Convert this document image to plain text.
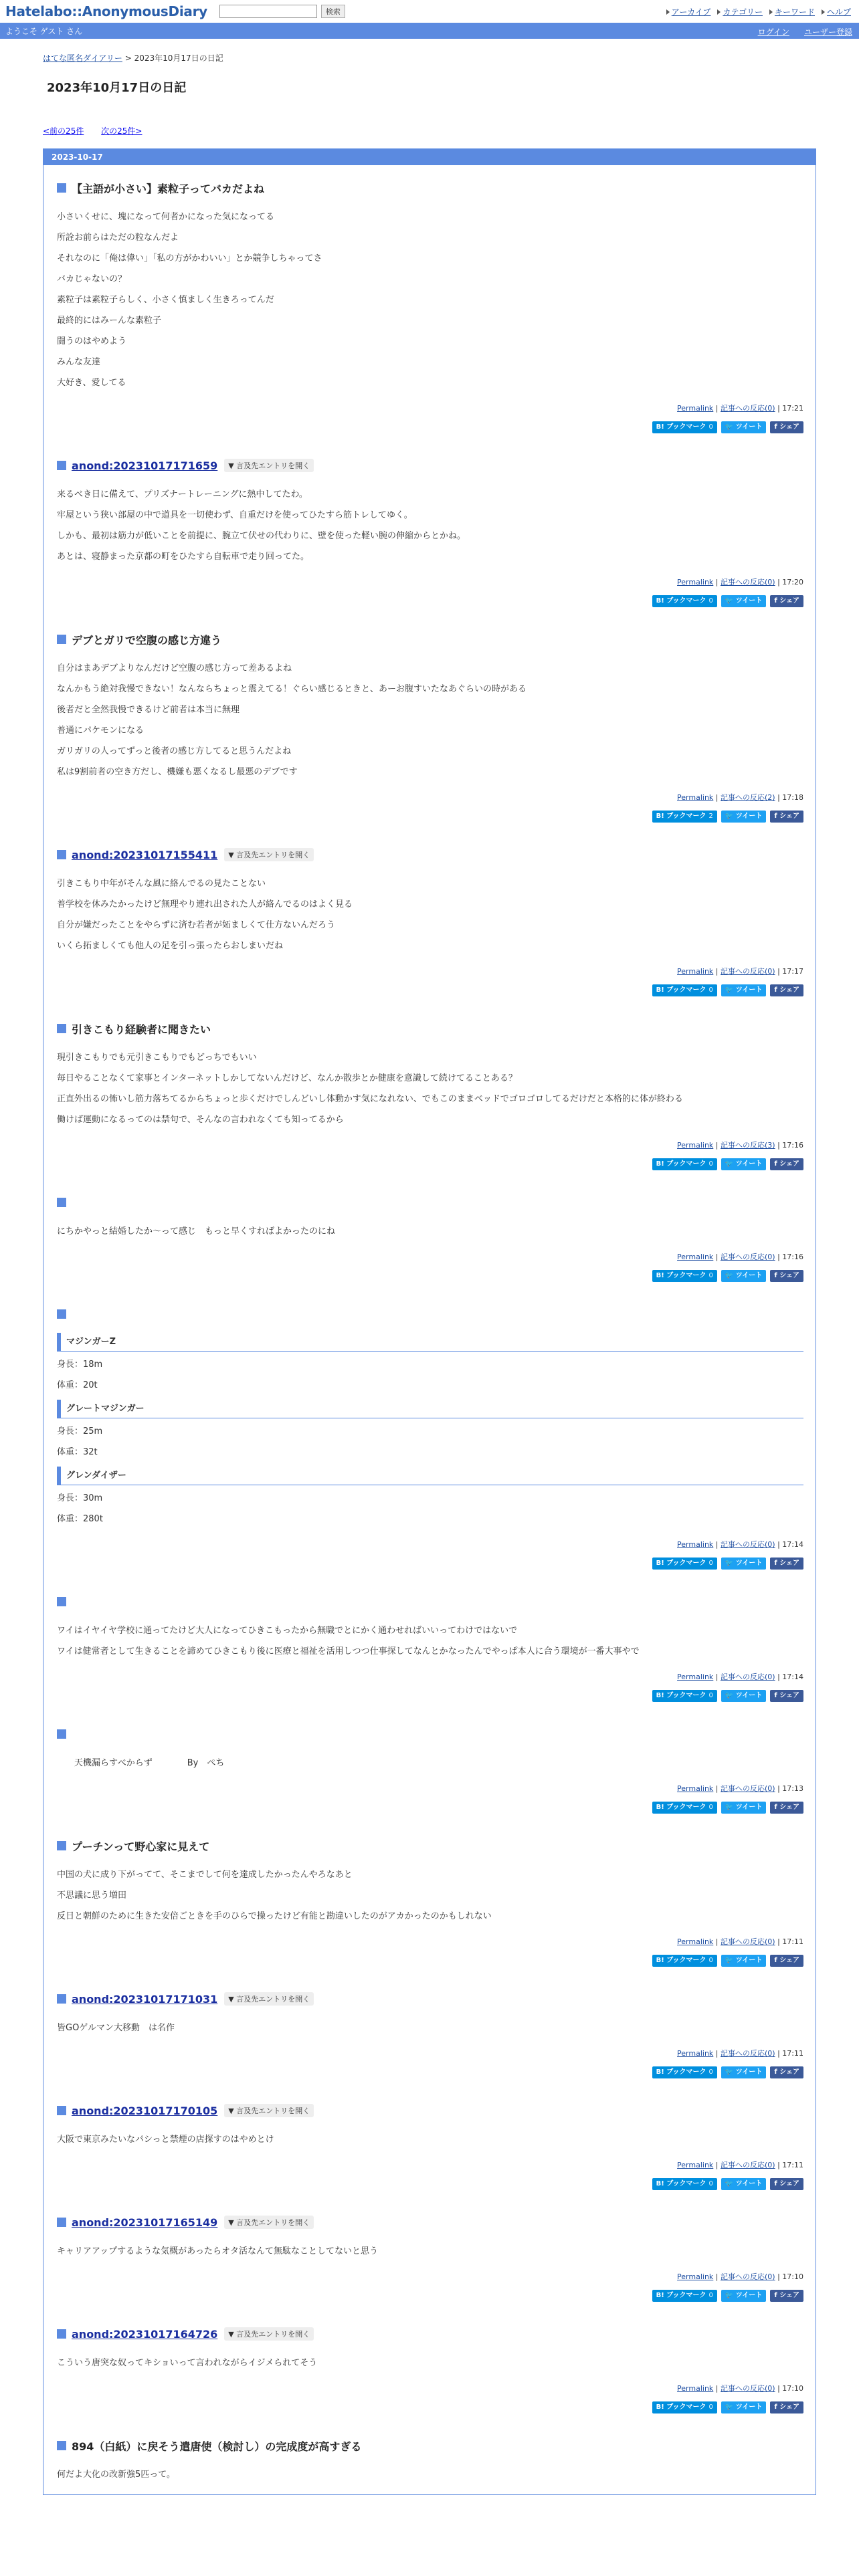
Hatelabo::AnonymousDiary	検索	アーカイブ	カテゴリー	キーワード	ヘルプ
ようこそ ゲスト さん	ログイン ユーザー登録
はてな匿名ダイアリー > 2023年10月17日の日記
2023年10月17日の日記
<前の25件 次の25件>
2023-10-17
【主語が小さい】素粒子ってバカだよね

小さいくせに、塊になって何者かになった気になってる

所詮お前らはただの粒なんだよ

それなのに「俺は偉い」「私の方がかわいい」とか競争しちゃってさ

バカじゃないの？

素粒子は素粒子らしく、小さく慎ましく生きろってんだ

最終的にはみーんな素粒子

闘うのはやめよう

みんな友達

大好き、愛してる

Permalink | 記事への反応(0) | 17:21
B! ブックマーク 0 🐦 ツイート f シェア
anond:20231017171659	▼ 言及先エントリを開く

来るべき日に備えて、プリズナートレーニングに熱中してたわ。

牢屋という狭い部屋の中で道具を一切使わず、自重だけを使ってひたすら筋トレしてゆく。

しかも、最初は筋力が低いことを前提に、腕立て伏せの代わりに、壁を使った軽い腕の伸縮からとかね。

あとは、寝静まった京都の町をひたすら自転車で走り回ってた。

Permalink | 記事への反応(0) | 17:20
B! ブックマーク 0 🐦 ツイート f シェア
デブとガリで空腹の感じ方違う

自分はまあデブよりなんだけど空腹の感じ方って差あるよね

なんかもう絶対我慢できない！なんならちょっと震えてる！ぐらい感じるときと、あーお腹すいたなあぐらいの時がある

後者だと全然我慢できるけど前者は本当に無理

普通にパケモンになる

ガリガリの人ってずっと後者の感じ方してると思うんだよね

私は9割前者の空き方だし、機嫌も悪くなるし最悪のデブです

Permalink | 記事への反応(2) | 17:18
B! ブックマーク 2 🐦 ツイート f シェア
anond:20231017155411	▼ 言及先エントリを開く

引きこもり中年がそんな風に絡んでるの見たことない

普学校を休みたかったけど無理やり連れ出された人が絡んでるのはよく見る

自分が嫌だったことをやらずに済む若者が妬ましくて仕方ないんだろう

いくら拓ましくても他人の足を引っ張ったらおしまいだね

Permalink | 記事への反応(0) | 17:17
B! ブックマーク 0 🐦 ツイート f シェア
引きこもり経験者に聞きたい

現引きこもりでも元引きこもりでもどっちでもいい

毎日やることなくて家事とインターネットしかしてないんだけど、なんか散歩とか健康を意識して続けてることある？

正直外出るの怖いし筋力落ちてるからちょっと歩くだけでしんどいし体動かす気になれない、でもこのままベッドでゴロゴロしてるだけだと本格的に体が終わる

働けば運動になるってのは禁句で、そんなの言われなくても知ってるから

Permalink | 記事への反応(3) | 17:16
B! ブックマーク 0 🐦 ツイート f シェア

にちかやっと結婚したか〜って感じ　もっと早くすればよかったのにね

Permalink | 記事への反応(0) | 17:16
B! ブックマーク 0 🐦 ツイート f シェア
マジンガーZ

身長：18m

体重：20t

グレートマジンガー

身長：25m

体重：32t

グレンダイザー

身長：30m

体重：280t

Permalink | 記事への反応(0) | 17:14
B! ブックマーク 0 🐦 ツイート f シェア

ワイはイヤイヤ学校に通ってたけど大人になってひきこもったから無職でとにかく通わせればいいってわけではないで

ワイは健常者として生きることを諦めてひきこもり後に医療と福祉を活用しつつ仕事探してなんとかなったんでやっぱ本人に合う環境が一番大事やで

Permalink | 記事への反応(0) | 17:14
B! ブックマーク 0 🐦 ツイート f シェア

　　天機漏らすべからず　　　　By　ぺち

Permalink | 記事への反応(0) | 17:13
B! ブックマーク 0 🐦 ツイート f シェア
プーチンって野心家に見えて

中国の犬に成り下がってて、そこまでして何を達成したかったんやろなあと

不思議に思う増田

反日と朝鮮のために生きた安倍ごときを手のひらで操ったけど有能と勘違いしたのがアカかったのかもしれない

Permalink | 記事への反応(0) | 17:11
B! ブックマーク 0 🐦 ツイート f シェア
anond:20231017171031	▼ 言及先エントリを開く

皆GOゲルマン大移動　は名作

Permalink | 記事への反応(0) | 17:11
B! ブックマーク 0 🐦 ツイート f シェア
anond:20231017170105	▼ 言及先エントリを開く

大阪で東京みたいなパシっと禁煙の店探すのはやめとけ

Permalink | 記事への反応(0) | 17:11
B! ブックマーク 0 🐦 ツイート f シェア
anond:20231017165149	▼ 言及先エントリを開く

キャリアアップするような気概があったらオタ活なんて無駄なことしてないと思う

Permalink | 記事への反応(0) | 17:10
B! ブックマーク 0 🐦 ツイート f シェア
anond:20231017164726	▼ 言及先エントリを開く

こういう唐突な奴ってキショいって言われながらイジメられてそう

Permalink | 記事への反応(0) | 17:10
B! ブックマーク 0 🐦 ツイート f シェア
894（白紙）に戻そう遣唐使（検討し）の完成度が高すぎる

何だよ大化の改新強5匹って。
